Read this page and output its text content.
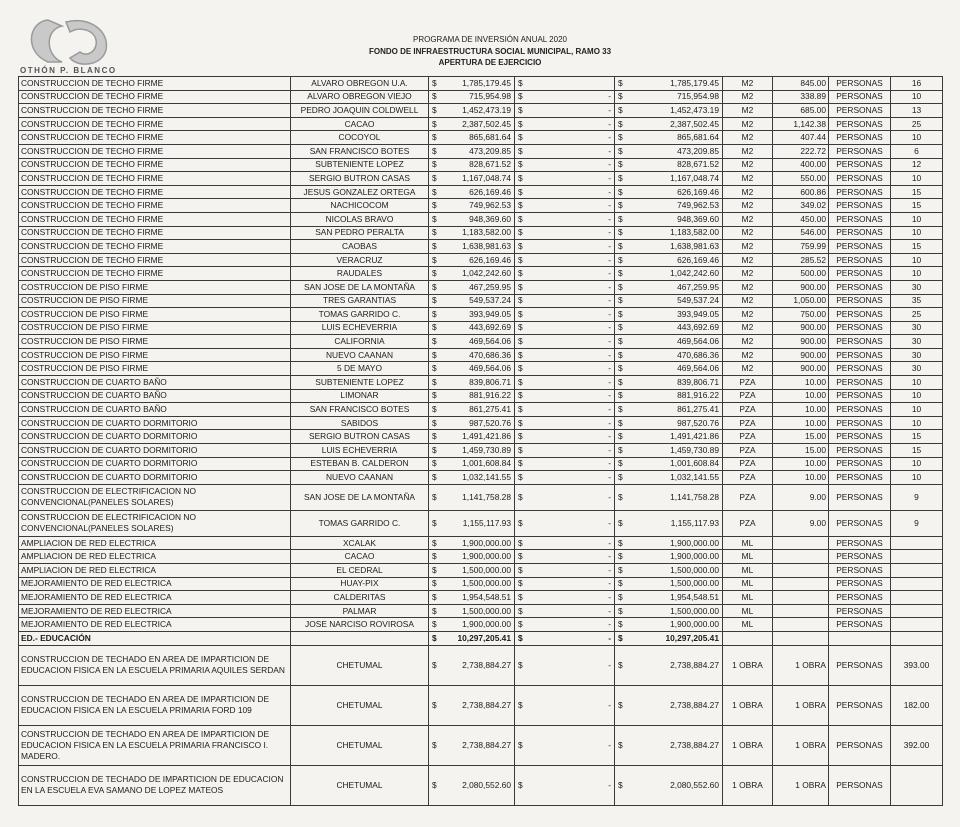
OTHÓN P. BLANCO
PROGRAMA DE INVERSIÓN ANUAL 2020
FONDO DE INFRAESTRUCTURA SOCIAL MUNICIPAL, RAMO 33
APERTURA DE EJERCICIO
CONSTRUCCION DE TECHO FIRME	ALVARO OBREGON U.A.	$	1,785,179.45	$		$	1,785,179.45	M2	845.00	PERSONAS	16
CONSTRUCCION DE TECHO FIRME	ALVARO OBREGON VIEJO	$	715,954.98	$	-	$	715,954.98	M2	338.89	PERSONAS	10
CONSTRUCCION DE TECHO FIRME	PEDRO JOAQUIN COLDWELL	$	1,452,473.19	$	-	$	1,452,473.19	M2	685.00	PERSONAS	13
CONSTRUCCION DE TECHO FIRME	CACAO	$	2,387,502.45	$	-	$	2,387,502.45	M2	1,142.38	PERSONAS	25
CONSTRUCCION DE TECHO FIRME	COCOYOL	$	865,681.64	$	-	$	865,681.64	M2	407.44	PERSONAS	10
CONSTRUCCION DE TECHO FIRME	SAN FRANCISCO BOTES	$	473,209.85	$	-	$	473,209.85	M2	222.72	PERSONAS	6
CONSTRUCCION DE TECHO FIRME	SUBTENIENTE LOPEZ	$	828,671.52	$	-	$	828,671.52	M2	400.00	PERSONAS	12
CONSTRUCCION DE TECHO FIRME	SERGIO BUTRON CASAS	$	1,167,048.74	$	-	$	1,167,048.74	M2	550.00	PERSONAS	10
CONSTRUCCION DE TECHO FIRME	JESUS GONZALEZ ORTEGA	$	626,169.46	$	-	$	626,169.46	M2	600.86	PERSONAS	15
CONSTRUCCION DE TECHO FIRME	NACHICOCOM	$	749,962.53	$	-	$	749,962.53	M2	349.02	PERSONAS	15
CONSTRUCCION DE TECHO FIRME	NICOLAS BRAVO	$	948,369.60	$	-	$	948,369.60	M2	450.00	PERSONAS	10
CONSTRUCCION DE TECHO FIRME	SAN PEDRO PERALTA	$	1,183,582.00	$	-	$	1,183,582.00	M2	546.00	PERSONAS	10
CONSTRUCCION DE TECHO FIRME	CAOBAS	$	1,638,981.63	$	-	$	1,638,981.63	M2	759.99	PERSONAS	15
CONSTRUCCION DE TECHO FIRME	VERACRUZ	$	626,169.46	$	-	$	626,169.46	M2	285.52	PERSONAS	10
CONSTRUCCION DE TECHO FIRME	RAUDALES	$	1,042,242.60	$	-	$	1,042,242.60	M2	500.00	PERSONAS	10
COSTRUCCION DE PISO FIRME	SAN JOSE DE LA MONTAÑA	$	467,259.95	$	-	$	467,259.95	M2	900.00	PERSONAS	30
COSTRUCCION DE PISO FIRME	TRES GARANTIAS	$	549,537.24	$	-	$	549,537.24	M2	1,050.00	PERSONAS	35
COSTRUCCION DE PISO FIRME	TOMAS GARRIDO C.	$	393,949.05	$	-	$	393,949.05	M2	750.00	PERSONAS	25
COSTRUCCION DE PISO FIRME	LUIS ECHEVERRIA	$	443,692.69	$	-	$	443,692.69	M2	900.00	PERSONAS	30
COSTRUCCION DE PISO FIRME	CALIFORNIA	$	469,564.06	$	-	$	469,564.06	M2	900.00	PERSONAS	30
COSTRUCCION DE PISO FIRME	NUEVO CAANAN	$	470,686.36	$	-	$	470,686.36	M2	900.00	PERSONAS	30
COSTRUCCION DE PISO FIRME	5 DE MAYO	$	469,564.06	$	-	$	469,564.06	M2	900.00	PERSONAS	30
CONSTRUCCION DE CUARTO BAÑO	SUBTENIENTE LOPEZ	$	839,806.71	$	-	$	839,806.71	PZA	10.00	PERSONAS	10
CONSTRUCCION DE CUARTO BAÑO	LIMONAR	$	881,916.22	$	-	$	881,916.22	PZA	10.00	PERSONAS	10
CONSTRUCCION DE CUARTO BAÑO	SAN FRANCISCO BOTES	$	861,275.41	$	-	$	861,275.41	PZA	10.00	PERSONAS	10
CONSTRUCCION DE CUARTO DORMITORIO	SABIDOS	$	987,520.76	$	-	$	987,520.76	PZA	10.00	PERSONAS	10
CONSTRUCCION DE CUARTO DORMITORIO	SERGIO BUTRON CASAS	$	1,491,421.86	$	-	$	1,491,421.86	PZA	15.00	PERSONAS	15
CONSTRUCCION DE CUARTO DORMITORIO	LUIS ECHEVERRIA	$	1,459,730.89	$	-	$	1,459,730.89	PZA	15.00	PERSONAS	15
CONSTRUCCION DE CUARTO DORMITORIO	ESTEBAN B. CALDERON	$	1,001,608.84	$	-	$	1,001,608.84	PZA	10.00	PERSONAS	10
CONSTRUCCION DE CUARTO DORMITORIO	NUEVO CAANAN	$	1,032,141.55	$	-	$	1,032,141.55	PZA	10.00	PERSONAS	10
CONSTRUCCION DE ELECTRIFICACION NO CONVENCIONAL(PANELES SOLARES)	SAN JOSE DE LA MONTAÑA	$	1,141,758.28	$	-	$	1,141,758.28	PZA	9.00	PERSONAS	9
CONSTRUCCION DE ELECTRIFICACION NO CONVENCIONAL(PANELES SOLARES)	TOMAS GARRIDO C.	$	1,155,117.93	$	-	$	1,155,117.93	PZA	9.00	PERSONAS	9
AMPLIACION DE RED ELECTRICA	XCALAK	$	1,900,000.00	$	-	$	1,900,000.00	ML		PERSONAS	
AMPLIACION DE RED ELECTRICA	CACAO	$	1,900,000.00	$	-	$	1,900,000.00	ML		PERSONAS	
AMPLIACION DE RED ELECTRICA	EL CEDRAL	$	1,500,000.00	$	-	$	1,500,000.00	ML		PERSONAS	
MEJORAMIENTO DE RED ELECTRICA	HUAY-PIX	$	1,500,000.00	$	-	$	1,500,000.00	ML		PERSONAS	
MEJORAMIENTO DE RED ELECTRICA	CALDERITAS	$	1,954,548.51	$	-	$	1,954,548.51	ML		PERSONAS	
MEJORAMIENTO DE RED ELECTRICA	PALMAR	$	1,500,000.00	$	-	$	1,500,000.00	ML		PERSONAS	
MEJORAMIENTO DE RED ELECTRICA	JOSE NARCISO ROVIROSA	$	1,900,000.00	$	-	$	1,900,000.00	ML		PERSONAS	
ED.- EDUCACIÓN		$	10,297,205.41	$	-	$	10,297,205.41				
CONSTRUCCION DE TECHADO EN AREA DE IMPARTICION DE EDUCACION FISICA EN LA ESCUELA PRIMARIA AQUILES SERDAN	CHETUMAL	$	2,738,884.27	$	-	$	2,738,884.27	1 OBRA	1 OBRA	PERSONAS	393.00
CONSTRUCCION DE TECHADO EN AREA DE IMPARTICION DE EDUCACION FISICA EN LA ESCUELA PRIMARIA FORD 109	CHETUMAL	$	2,738,884.27	$	-	$	2,738,884.27	1 OBRA	1 OBRA	PERSONAS	182.00
CONSTRUCCION DE TECHADO EN AREA DE IMPARTICION DE EDUCACION FISICA EN LA ESCUELA PRIMARIA FRANCISCO I. MADERO.	CHETUMAL	$	2,738,884.27	$	-	$	2,738,884.27	1 OBRA	1 OBRA	PERSONAS	392.00
CONSTRUCCION DE TECHADO DE IMPARTICION DE EDUCACION EN LA ESCUELA EVA SAMANO DE LOPEZ MATEOS	CHETUMAL	$	2,080,552.60	$	-	$	2,080,552.60	1 OBRA	1 OBRA	PERSONAS	
